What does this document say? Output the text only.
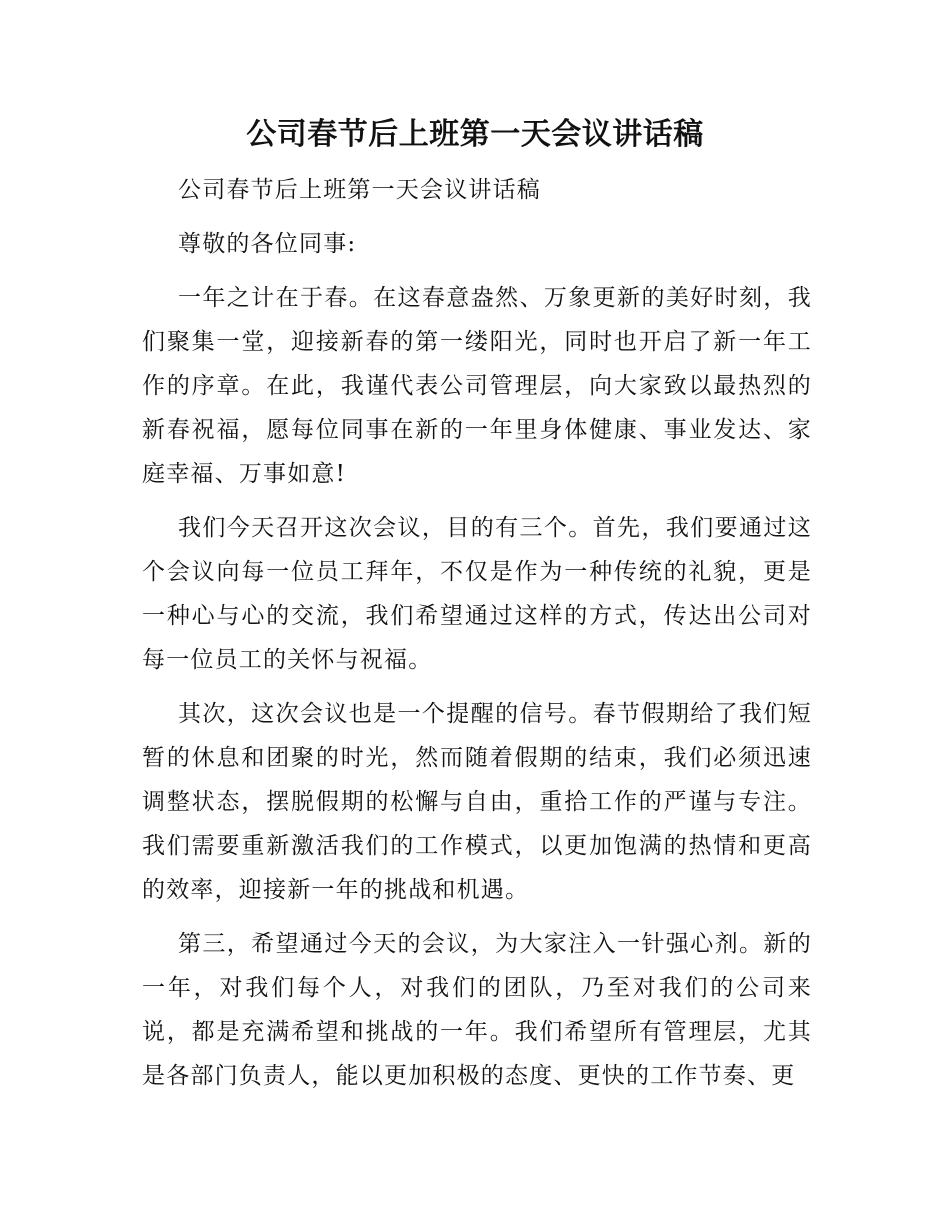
公司春节后上班第一天会议讲话稿

公司春节后上班第一天会议讲话稿

尊敬的各位同事:

一年之计在于春。在这春意盎然、万象更新的美好时刻，我们聚集一堂，迎接新春的第一缕阳光，同时也开启了新一年工作的序章。在此，我谨代表公司管理层，向大家致以最热烈的新春祝福，愿每位同事在新的一年里身体健康、事业发达、家庭幸福、万事如意!

我们今天召开这次会议，目的有三个。首先，我们要通过这个会议向每一位员工拜年，不仅是作为一种传统的礼貌，更是一种心与心的交流，我们希望通过这样的方式，传达出公司对每一位员工的关怀与祝福。

其次，这次会议也是一个提醒的信号。春节假期给了我们短暂的休息和团聚的时光，然而随着假期的结束，我们必须迅速调整状态，摆脱假期的松懈与自由，重拾工作的严谨与专注。我们需要重新激活我们的工作模式，以更加饱满的热情和更高的效率，迎接新一年的挑战和机遇。

第三，希望通过今天的会议，为大家注入一针强心剂。新的一年，对我们每个人，对我们的团队，乃至对我们的公司来说，都是充满希望和挑战的一年。我们希望所有管理层，尤其是各部门负责人，能以更加积极的态度、更快的工作节奏、更
